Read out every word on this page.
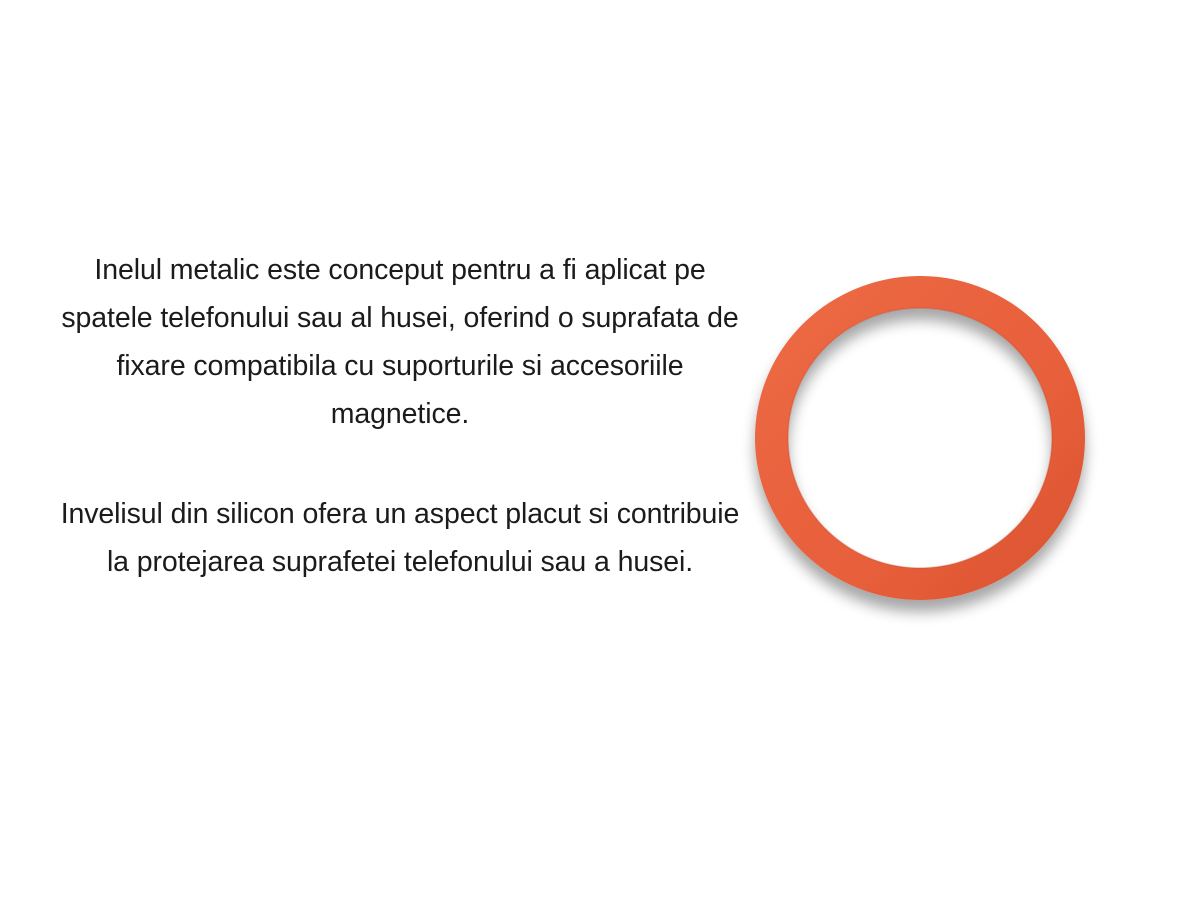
Inelul metalic este conceput pentru a fi aplicat pe spatele telefonului sau al husei, oferind o suprafata de fixare compatibila cu suporturile si accesoriile magnetice.

Invelisul din silicon ofera un aspect placut si contribuie la protejarea suprafetei telefonului sau a husei.
